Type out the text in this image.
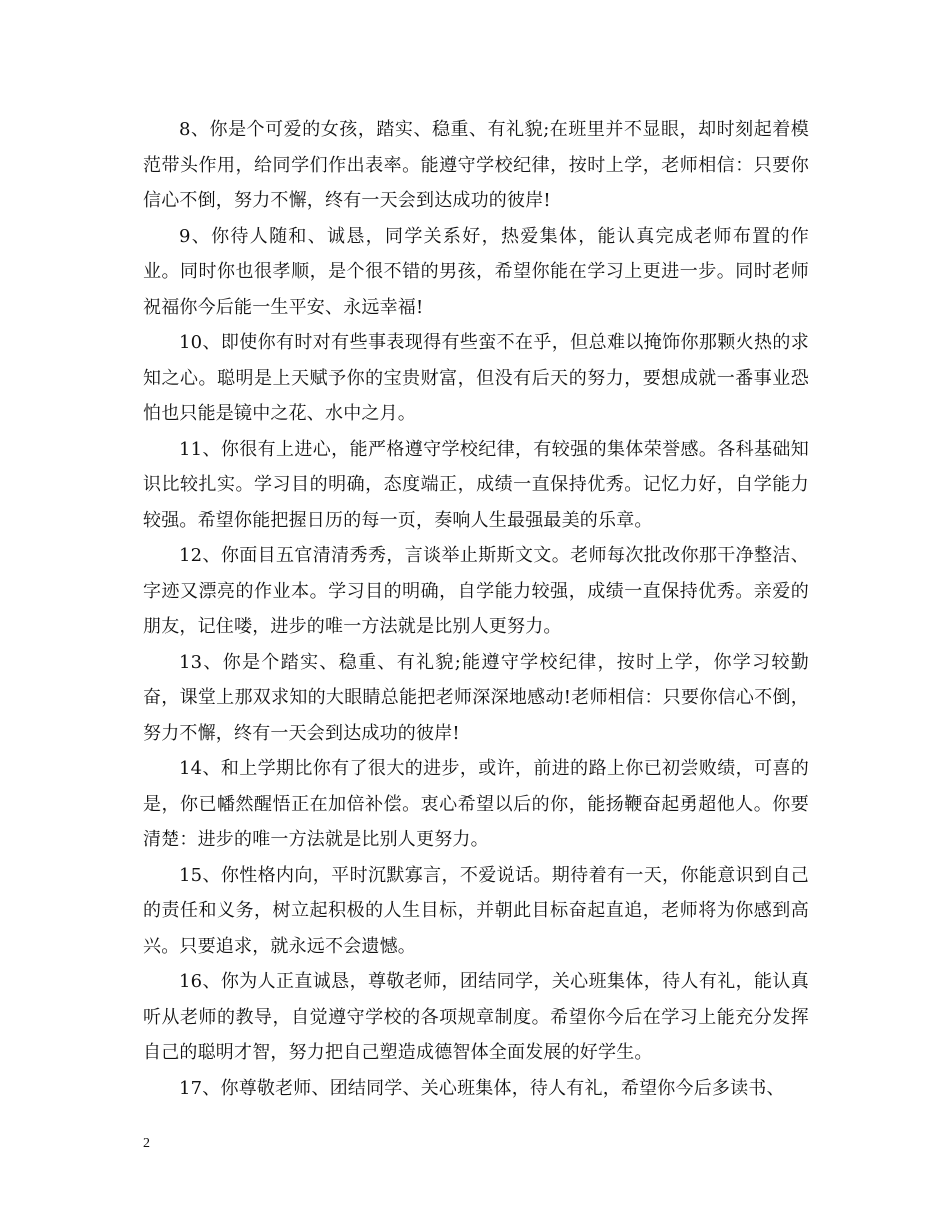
8、你是个可爱的女孩，踏实、稳重、有礼貌;在班里并不显眼，却时刻起着模范带头作用，给同学们作出表率。能遵守学校纪律，按时上学，老师相信：只要你信心不倒，努力不懈，终有一天会到达成功的彼岸!

9、你待人随和、诚恳，同学关系好，热爱集体，能认真完成老师布置的作业。同时你也很孝顺，是个很不错的男孩，希望你能在学习上更进一步。同时老师祝福你今后能一生平安、永远幸福!

10、即使你有时对有些事表现得有些蛮不在乎，但总难以掩饰你那颗火热的求知之心。聪明是上天赋予你的宝贵财富，但没有后天的努力，要想成就一番事业恐怕也只能是镜中之花、水中之月。

11、你很有上进心，能严格遵守学校纪律，有较强的集体荣誉感。各科基础知识比较扎实。学习目的明确，态度端正，成绩一直保持优秀。记忆力好，自学能力较强。希望你能把握日历的每一页，奏响人生最强最美的乐章。

12、你面目五官清清秀秀，言谈举止斯斯文文。老师每次批改你那干净整洁、字迹又漂亮的作业本。学习目的明确，自学能力较强，成绩一直保持优秀。亲爱的朋友，记住喽，进步的唯一方法就是比别人更努力。

13、你是个踏实、稳重、有礼貌;能遵守学校纪律，按时上学，你学习较勤奋，课堂上那双求知的大眼睛总能把老师深深地感动!老师相信：只要你信心不倒，努力不懈，终有一天会到达成功的彼岸!

14、和上学期比你有了很大的进步，或许，前进的路上你已初尝败绩，可喜的是，你已幡然醒悟正在加倍补偿。衷心希望以后的你，能扬鞭奋起勇超他人。你要清楚：进步的唯一方法就是比别人更努力。

15、你性格内向，平时沉默寡言，不爱说话。期待着有一天，你能意识到自己的责任和义务，树立起积极的人生目标，并朝此目标奋起直追，老师将为你感到高兴。只要追求，就永远不会遗憾。

16、你为人正直诚恳，尊敬老师，团结同学，关心班集体，待人有礼，能认真听从老师的教导，自觉遵守学校的各项规章制度。希望你今后在学习上能充分发挥自己的聪明才智，努力把自己塑造成德智体全面发展的好学生。

17、你尊敬老师、团结同学、关心班集体，待人有礼，希望你今后多读书、

2
